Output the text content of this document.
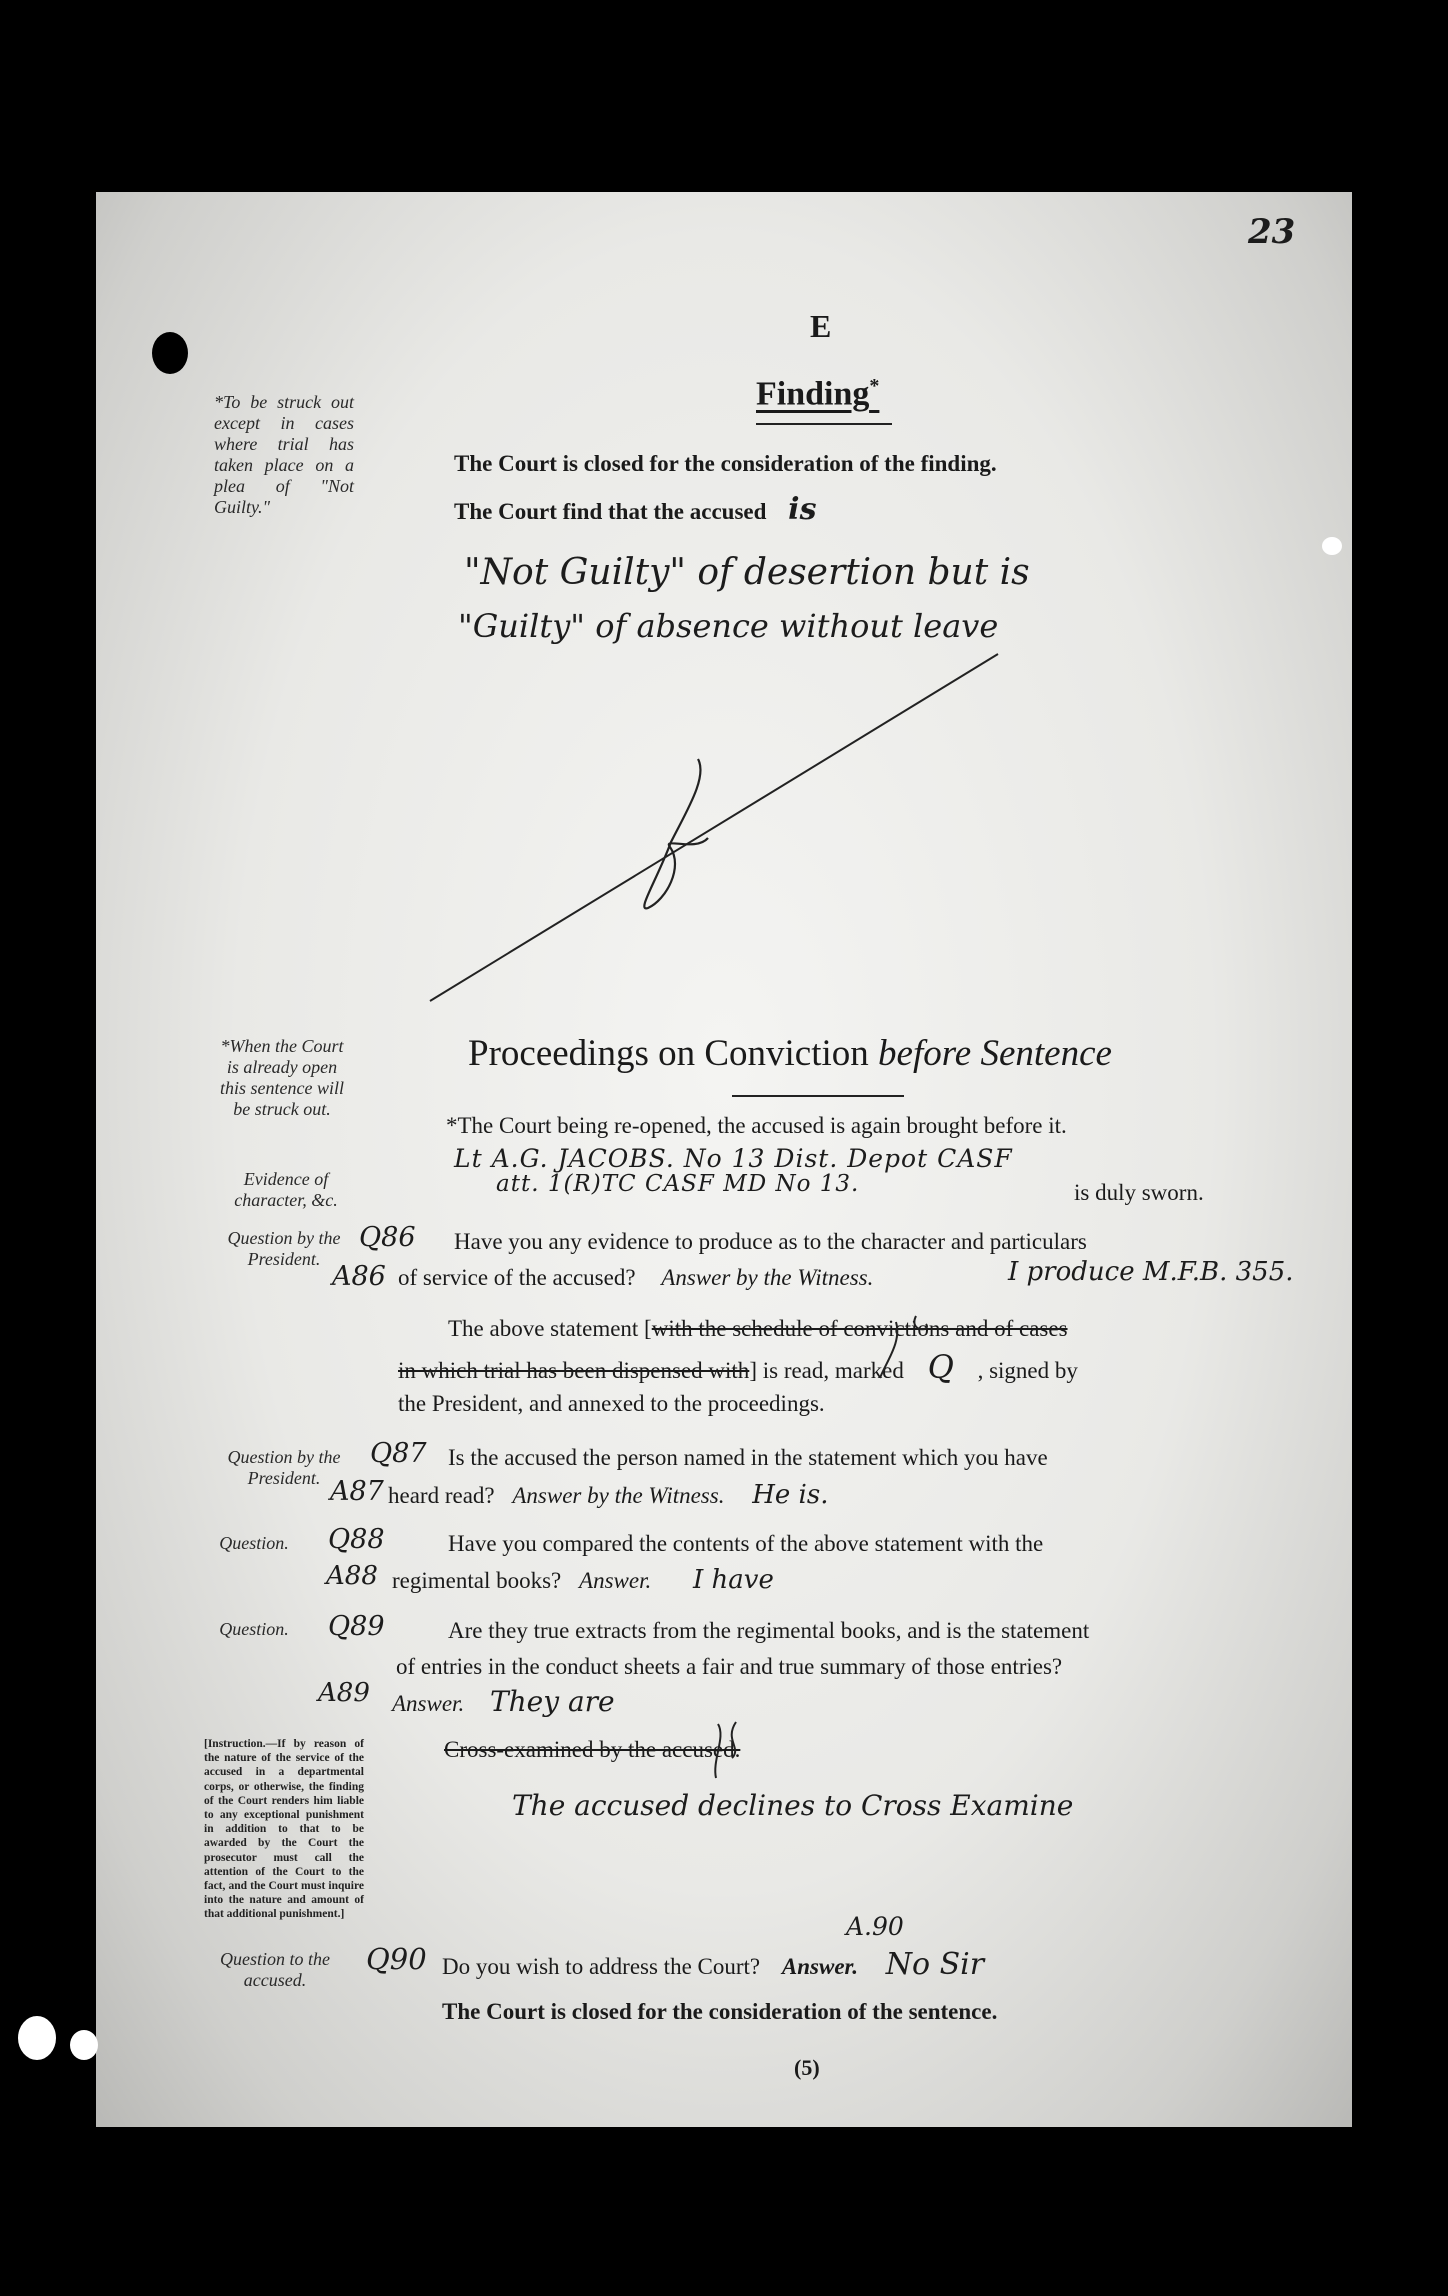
23
E
Finding*
*To be struck out except in cases where trial has taken place on a plea of "Not Guilty."
The Court is closed for the consideration of the finding.
The Court find that the accused is
"Not Guilty" of desertion but is
"Guilty" of absence without leave
Proceedings on Conviction before Sentence
*When the Court is already open this sentence will be struck out.
Evidence of character, &c.
*The Court being re-opened, the accused is again brought before it.
Lt A.G. JACOBS. No 13 Dist. Depot CASF
att. 1(R)TC CASF MD No 13.	is duly sworn.
Question by the President.
Q86 Have you any evidence to produce as to the character and particulars
A86 of service of the accused? Answer by the Witness.	I produce M.F.B. 355.
The above statement [with the schedule of convictions and of cases
in which trial has been dispensed with] is read, marked Q , signed by
the President, and annexed to the proceedings.
Question by the President.
Q87 Is the accused the person named in the statement which you have
A87 heard read? Answer by the Witness. He is.
Question.	Q88	Have you compared the contents of the above statement with the
A88 regimental books? Answer. I have
Question.	Q89	Are they true extracts from the regimental books, and is the statement
of entries in the conduct sheets a fair and true summary of those entries?
A89 Answer. They are
Cross-examined by the accused.
The accused declines to Cross Examine
[Instruction.—If by reason of the nature of the service of the accused in a departmental corps, or otherwise, the finding of the Court renders him liable to any exceptional punishment in addition to that to be awarded by the Court the prosecutor must call the attention of the Court to the fact, and the Court must inquire into the nature and amount of that additional punishment.]
Question to the accused.
Q90
A.90
Do you wish to address the Court? Answer. No Sir
The Court is closed for the consideration of the sentence.
(5)
